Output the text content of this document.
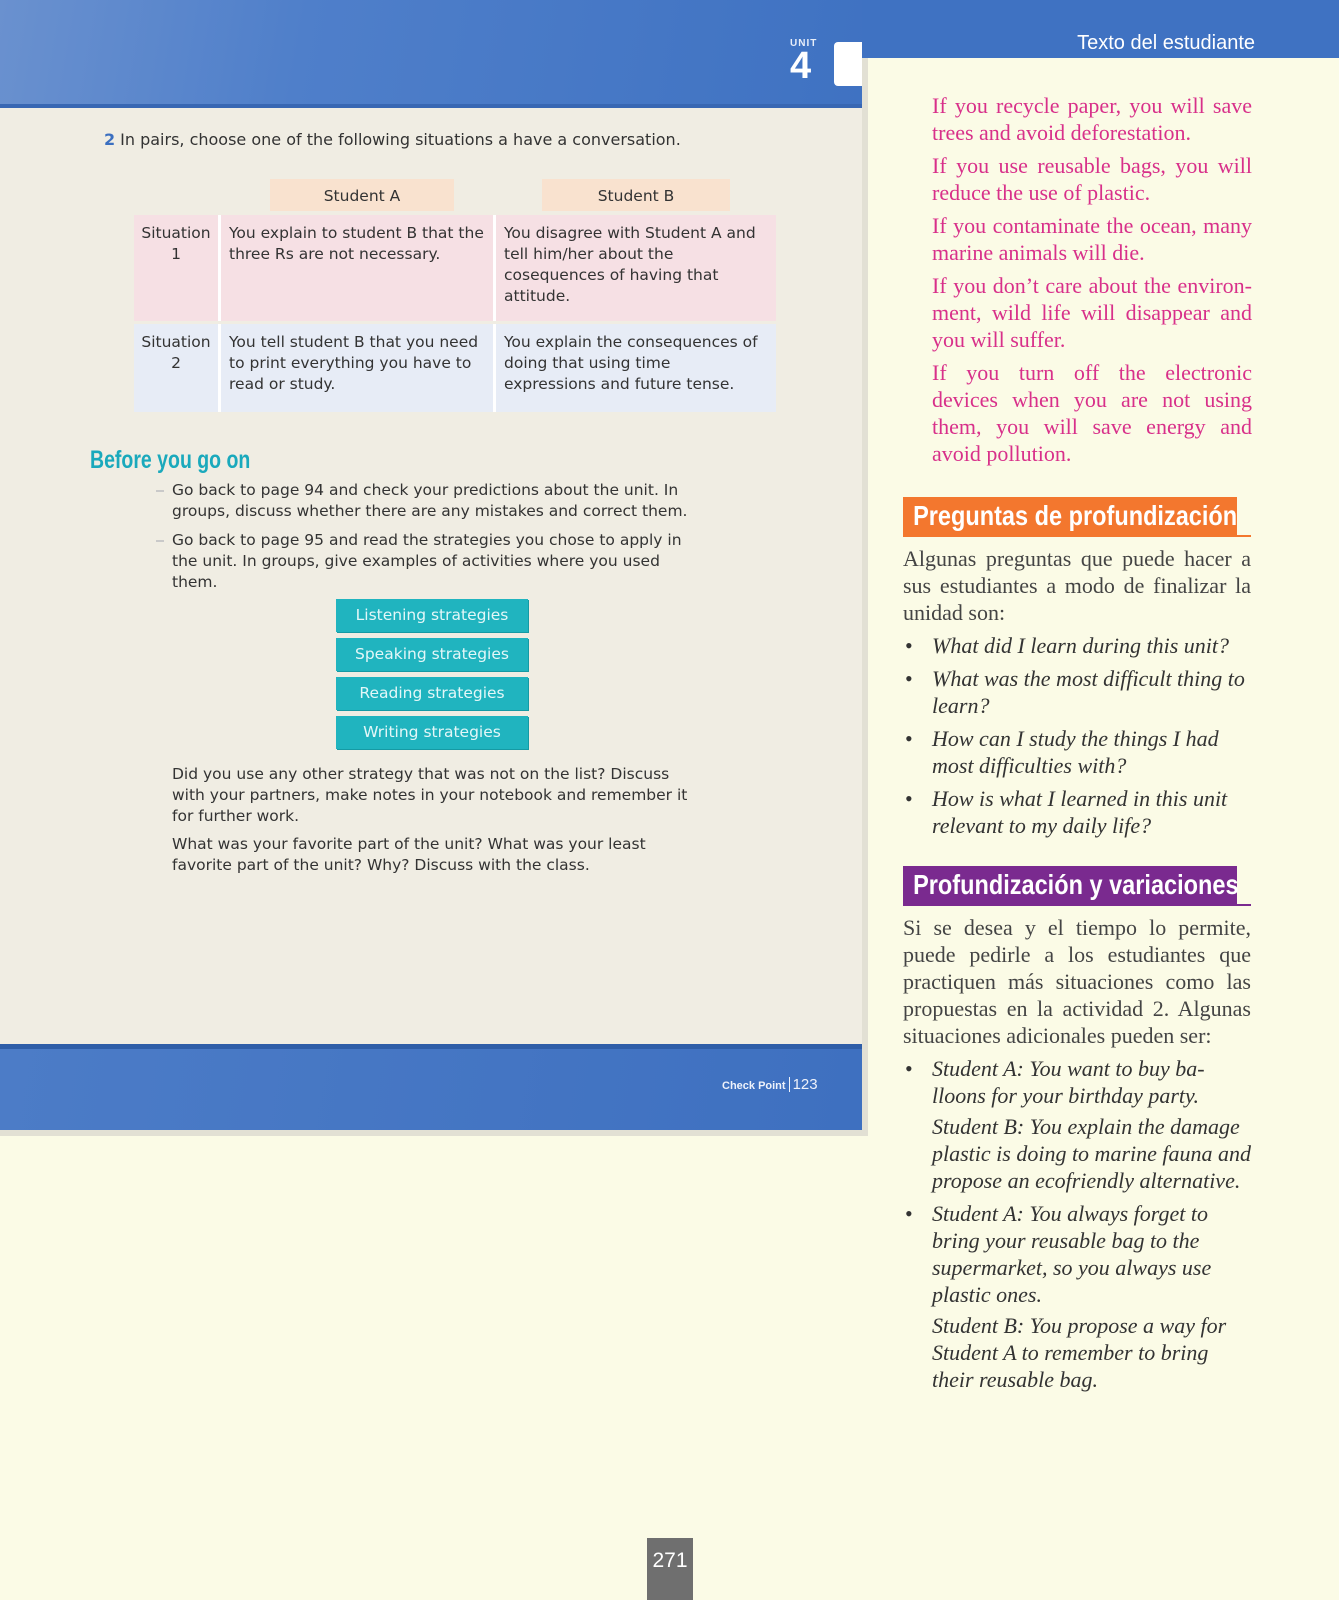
UNIT
4
2 In pairs, choose one of the following situations a have a conversation.
Student A	Student B
Situation
1
You explain to student B that the three Rs are not necessary.
You disagree with Student A and tell him/her about the cosequences of having that attitude.
Situation
2
You tell student B that you need to print everything you have to read or study.
You explain the consequences of doing that using time expressions and future tense.
Before you go on
Go back to page 94 and check your predictions about the unit. In groups, discuss whether there are any mistakes and correct them.
Go back to page 95 and read the strategies you chose to apply in the unit. In groups, give examples of activities where you used them.
Listening strategies
Speaking strategies
Reading strategies
Writing strategies
Did you use any other strategy that was not on the list? Discuss with your partners, make notes in your notebook and remember it for further work.
What was your favorite part of the unit? What was your least favorite part of the unit? Why? Discuss with the class.
Check Point 123
Texto del estudiante

If you recycle paper, you will save trees and avoid deforestation.

If you use reusable bags, you will reduce the use of plastic.

If you contaminate the ocean, many marine animals will die.

If you don’t care about the environment, wild life will disappear and you will suffer.

If you turn off the electronic devices when you are not using them, you will save energy and avoid pollution.

Preguntas de profundización
Algunas preguntas que puede hacer a sus estudiantes a modo de finalizar la unidad son:
• What did I learn during this unit?
• What was the most difficult thing to learn?
• How can I study the things I had most difficulties with?
• How is what I learned in this unit relevant to my daily life?
Profundización y variaciones
Si se desea y el tiempo lo permite, puede pedirle a los estudiantes que practiquen más situaciones como las propuestas en la actividad 2. Algunas situaciones adicionales pueden ser:
• Student A: You want to buy balloons for your birthday party.
Student B: You explain the damage plastic is doing to marine fauna and propose an ecofriendly alternative.
• Student A: You always forget to bring your reusable bag to the supermarket, so you always use plastic ones.
Student B: You propose a way for Student A to remember to bring their reusable bag.
271
